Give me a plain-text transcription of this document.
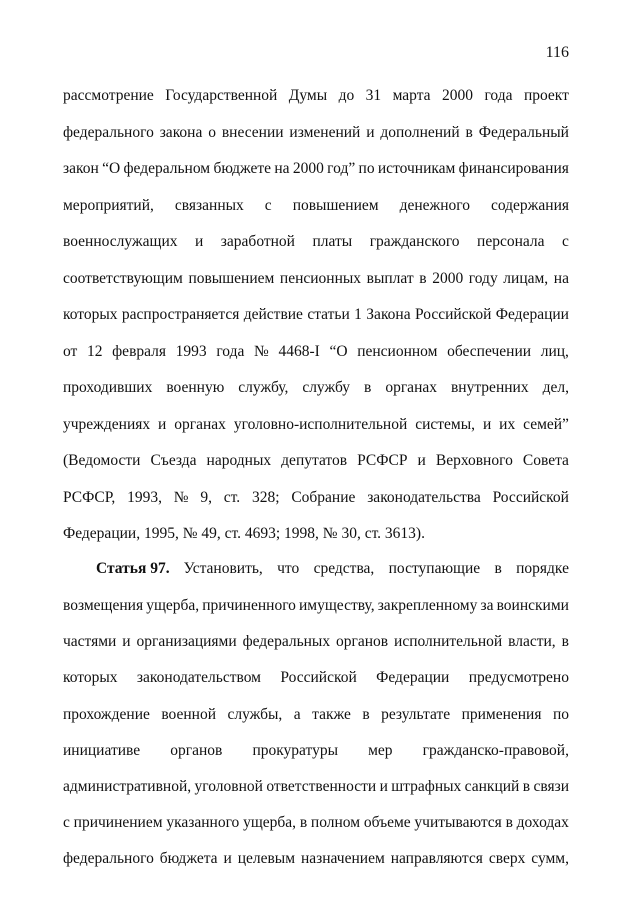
116
Статья 97. Установить, что средства, поступающие в порядке
рассмотрение Государственной Думы до 31 марта 2000 года проект
федерального закона о внесении изменений и дополнений в Федеральный
закон “О федеральном бюджете на 2000 год” по источникам финансирования
мероприятий, связанных с повышением денежного содержания
военнослужащих и заработной платы гражданского персонала с
соответствующим повышением пенсионных выплат в 2000 году лицам, на
которых распространяется действие статьи 1 Закона Российской Федерации
от 12 февраля 1993 года № 4468-I “О пенсионном обеспечении лиц,
проходивших военную службу, службу в органах внутренних дел,
учреждениях и органах уголовно-исполнительной системы, и их семей”
(Ведомости Съезда народных депутатов РСФСР и Верховного Совета
РСФСР, 1993, № 9, ст. 328; Собрание законодательства Российской
Федерации, 1995, № 49, ст. 4693; 1998, № 30, ст. 3613).
возмещения ущерба, причиненного имуществу, закрепленному за воинскими
частями и организациями федеральных органов исполнительной власти, в
которых законодательством Российской Федерации предусмотрено
прохождение военной службы, а также в результате применения по
инициативе органов прокуратуры мер гражданско-правовой,
административной, уголовной ответственности и штрафных санкций в связи
с причинением указанного ущерба, в полном объеме учитываются в доходах
федерального бюджета и целевым назначением направляются сверх сумм,
